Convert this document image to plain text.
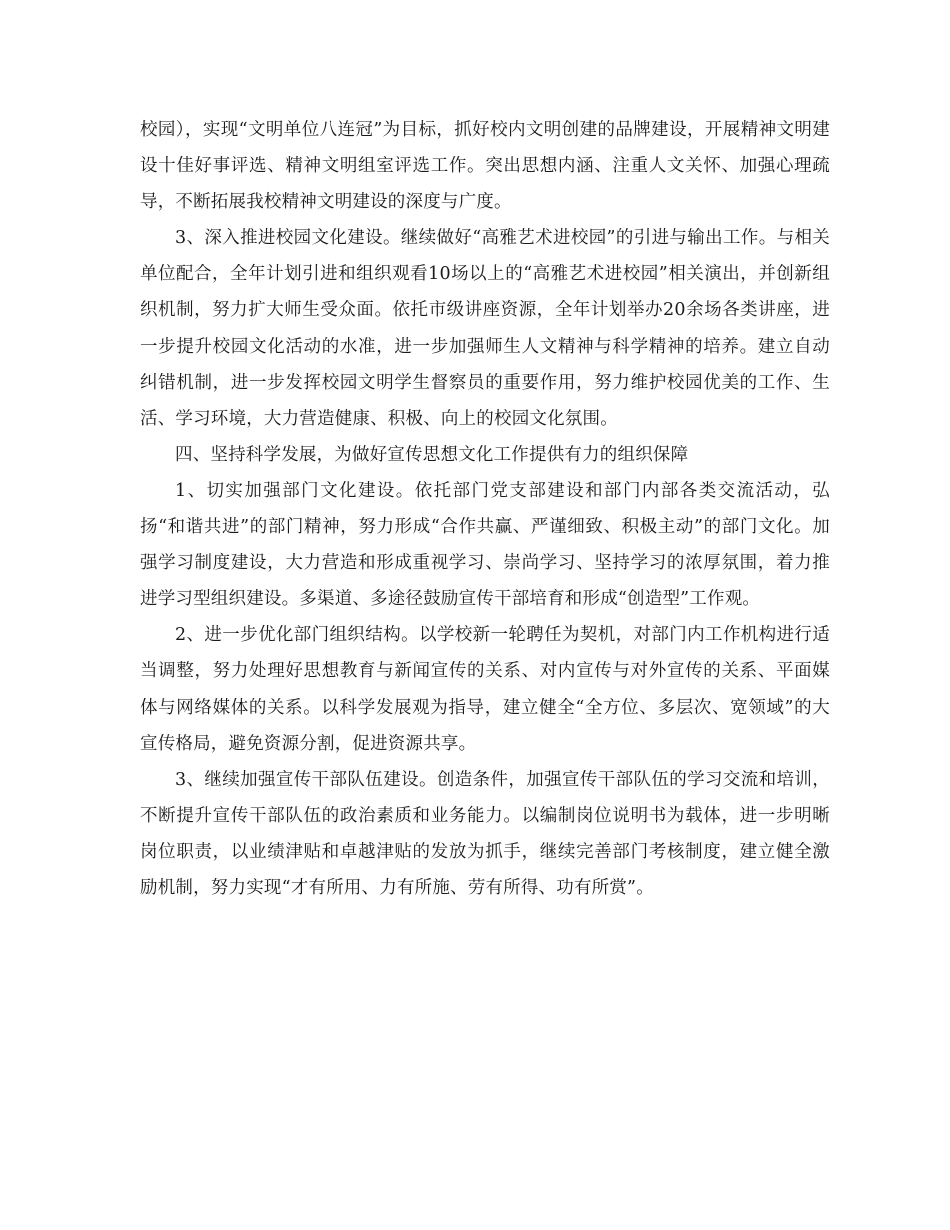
校园），实现“文明单位八连冠”为目标，抓好校内文明创建的品牌建设，开展精神文明建设十佳好事评选、精神文明组室评选工作。突出思想内涵、注重人文关怀、加强心理疏导，不断拓展我校精神文明建设的深度与广度。

3、深入推进校园文化建设。继续做好“高雅艺术进校园”的引进与输出工作。与相关单位配合，全年计划引进和组织观看10场以上的“高雅艺术进校园”相关演出，并创新组织机制，努力扩大师生受众面。依托市级讲座资源，全年计划举办20余场各类讲座，进一步提升校园文化活动的水准，进一步加强师生人文精神与科学精神的培养。建立自动纠错机制，进一步发挥校园文明学生督察员的重要作用，努力维护校园优美的工作、生活、学习环境，大力营造健康、积极、向上的校园文化氛围。

四、坚持科学发展，为做好宣传思想文化工作提供有力的组织保障

1、切实加强部门文化建设。依托部门党支部建设和部门内部各类交流活动，弘扬“和谐共进”的部门精神，努力形成“合作共赢、严谨细致、积极主动”的部门文化。加强学习制度建设，大力营造和形成重视学习、崇尚学习、坚持学习的浓厚氛围，着力推进学习型组织建设。多渠道、多途径鼓励宣传干部培育和形成“创造型”工作观。

2、进一步优化部门组织结构。以学校新一轮聘任为契机，对部门内工作机构进行适当调整，努力处理好思想教育与新闻宣传的关系、对内宣传与对外宣传的关系、平面媒体与网络媒体的关系。以科学发展观为指导，建立健全“全方位、多层次、宽领域”的大宣传格局，避免资源分割，促进资源共享。

3、继续加强宣传干部队伍建设。创造条件，加强宣传干部队伍的学习交流和培训，不断提升宣传干部队伍的政治素质和业务能力。以编制岗位说明书为载体，进一步明晰岗位职责，以业绩津贴和卓越津贴的发放为抓手，继续完善部门考核制度，建立健全激励机制，努力实现“才有所用、力有所施、劳有所得、功有所赏”。
